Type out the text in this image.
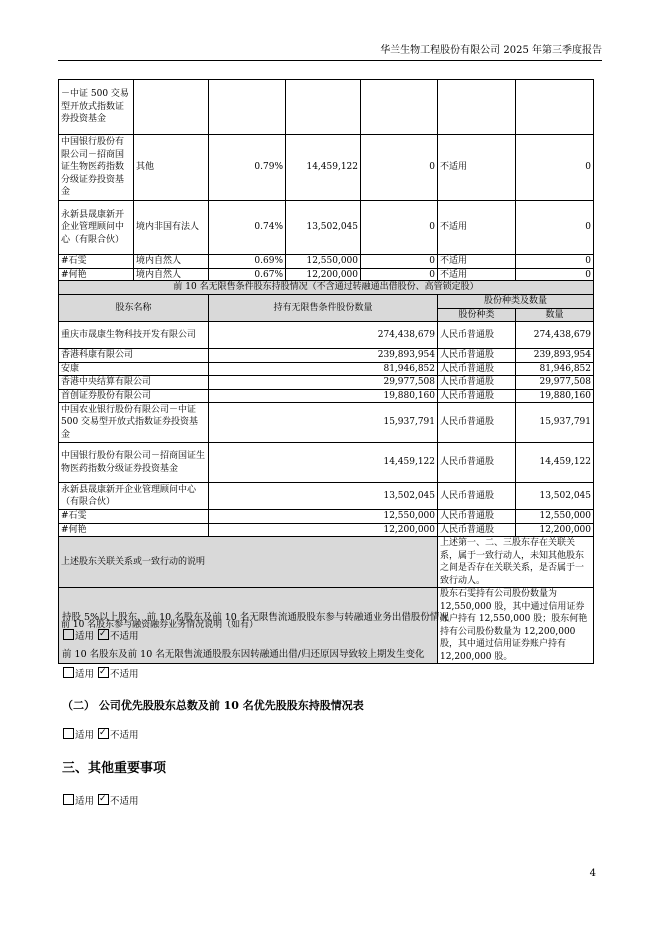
华兰生物工程股份有限公司 2025 年第三季度报告
－中证 500 交易型开放式指数证券投资基金						
中国银行股份有限公司－招商国证生物医药指数分级证券投资基金	其他	0.79%	14,459,122	0	不适用	0
永新县晟康新开企业管理顾问中心（有限合伙）	境内非国有法人	0.74%	13,502,045	0	不适用	0
#石雯	境内自然人	0.69%	12,550,000	0	不适用	0
#何艳	境内自然人	0.67%	12,200,000	0	不适用	0
前 10 名无限售条件股东持股情况（不含通过转融通出借股份、高管锁定股）			
股东名称	持有无限售条件股份数量	股份种类及数量	
		股份种类	数量
重庆市晟康生物科技开发有限公司	274,438,679	人民币普通股	274,438,679
香港科康有限公司	239,893,954	人民币普通股	239,893,954
安康	81,946,852	人民币普通股	81,946,852
香港中央结算有限公司	29,977,508	人民币普通股	29,977,508
首创证券股份有限公司	19,880,160	人民币普通股	19,880,160
中国农业银行股份有限公司－中证 500 交易型开放式指数证券投资基金	15,937,791	人民币普通股	15,937,791
中国银行股份有限公司－招商国证生物医药指数分级证券投资基金	14,459,122	人民币普通股	14,459,122
永新县晟康新开企业管理顾问中心（有限合伙）	13,502,045	人民币普通股	13,502,045
#石雯	12,550,000	人民币普通股	12,550,000
#何艳	12,200,000	人民币普通股	12,200,000
上述股东关联关系或一致行动的说明		上述第一、二、三股东存在关联关系，属于一致行动人，未知其他股东之间是否存在关联关系，是否属于一致行动人。	
前 10 名股东参与融资融券业务情况说明（如有）		股东石雯持有公司股份数量为 12,550,000 股，其中通过信用证券账户持有 12,550,000 股；股东何艳持有公司股份数量为 12,200,000 股，其中通过信用证券账户持有 12,200,000 股。	
持股 5%以上股东、前 10 名股东及前 10 名无限售流通股股东参与转融通业务出借股份情况
适用 ✓ 不适用
前 10 名股东及前 10 名无限售流通股股东因转融通出借/归还原因导致较上期发生变化
适用 ✓ 不适用
（二） 公司优先股股东总数及前 10 名优先股股东持股情况表
适用 ✓ 不适用
三、其他重要事项
适用 ✓ 不适用
4
